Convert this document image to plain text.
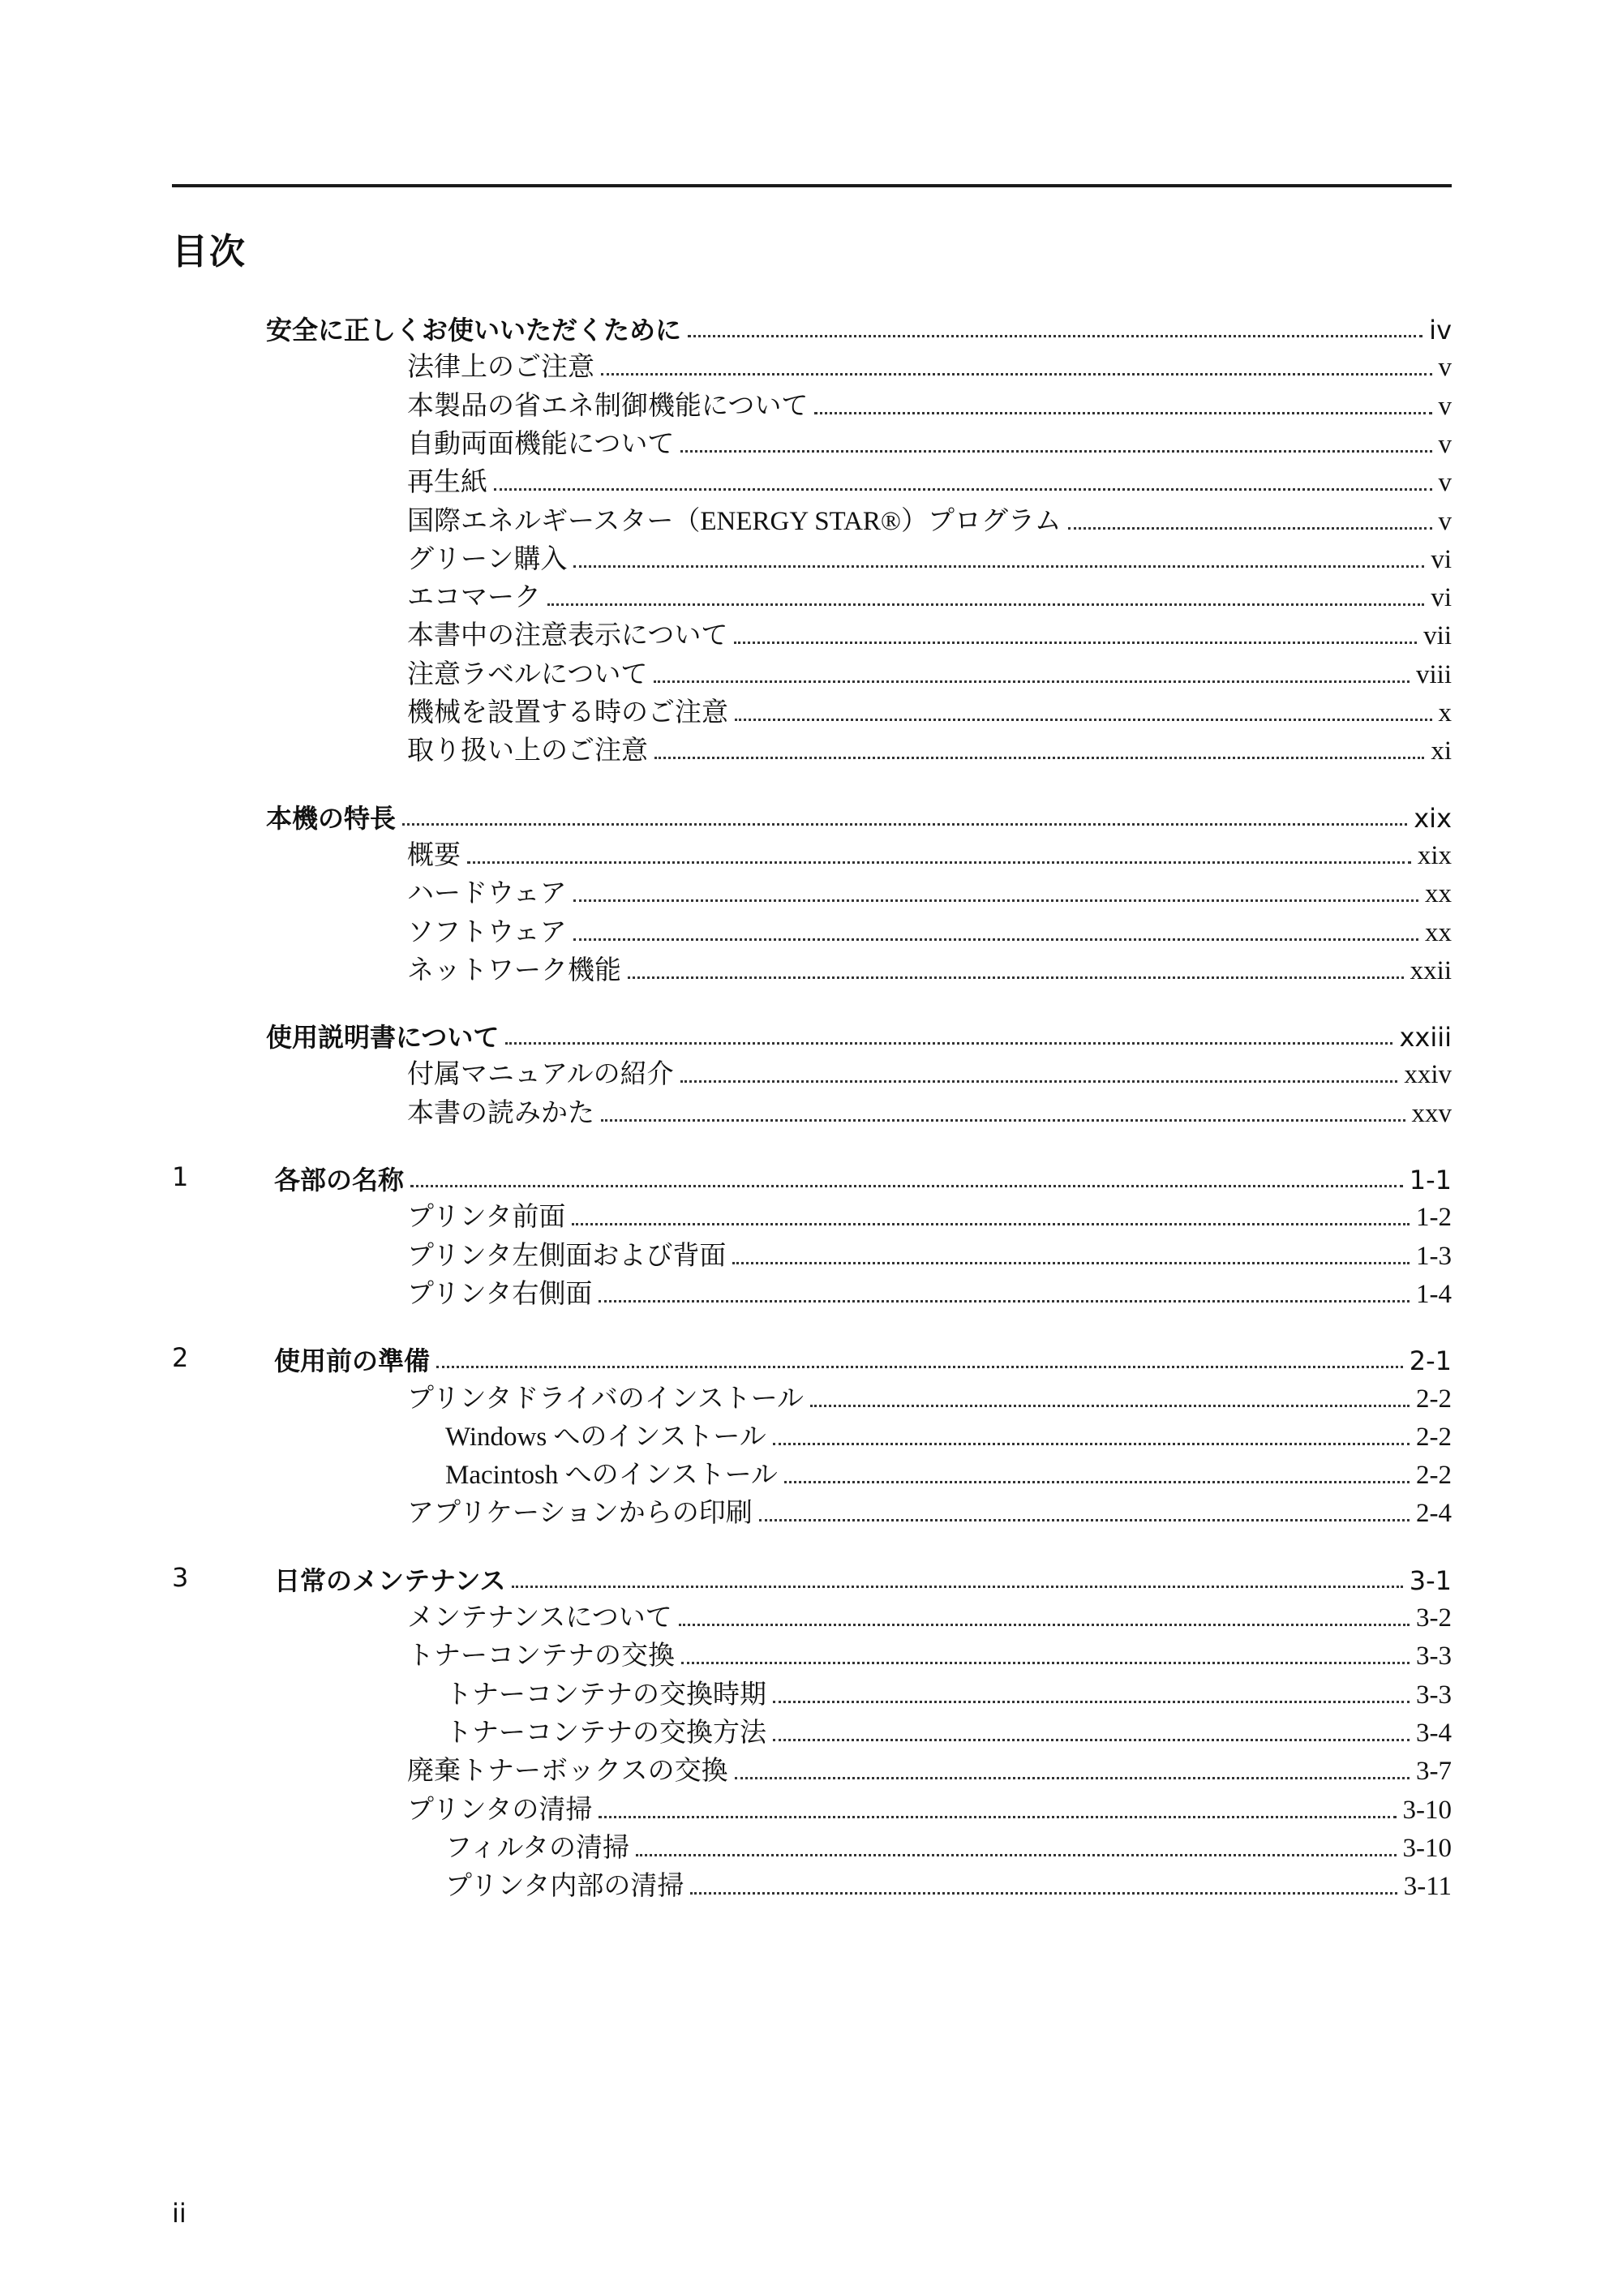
目次
安全に正しくお使いいただくために	iv
法律上のご注意	v
本製品の省エネ制御機能について	v
自動両面機能について	v
再生紙	v
国際エネルギースター（ENERGY STAR®）プログラム	v
グリーン購入	vi
エコマーク	vi
本書中の注意表示について	vii
注意ラベルについて	viii
機械を設置する時のご注意	x
取り扱い上のご注意	xi
本機の特長	xix
概要	xix
ハードウェア	xx
ソフトウェア	xx
ネットワーク機能	xxii
使用説明書について	xxiii
付属マニュアルの紹介	xxiv
本書の読みかた	xxv
1	各部の名称	1-1
プリンタ前面	1-2
プリンタ左側面および背面	1-3
プリンタ右側面	1-4
2	使用前の準備	2-1
プリンタドライバのインストール	2-2
Windows へのインストール	2-2
Macintosh へのインストール	2-2
アプリケーションからの印刷	2-4
3	日常のメンテナンス	3-1
メンテナンスについて	3-2
トナーコンテナの交換	3-3
トナーコンテナの交換時期	3-3
トナーコンテナの交換方法	3-4
廃棄トナーボックスの交換	3-7
プリンタの清掃	3-10
フィルタの清掃	3-10
プリンタ内部の清掃	3-11
ii
